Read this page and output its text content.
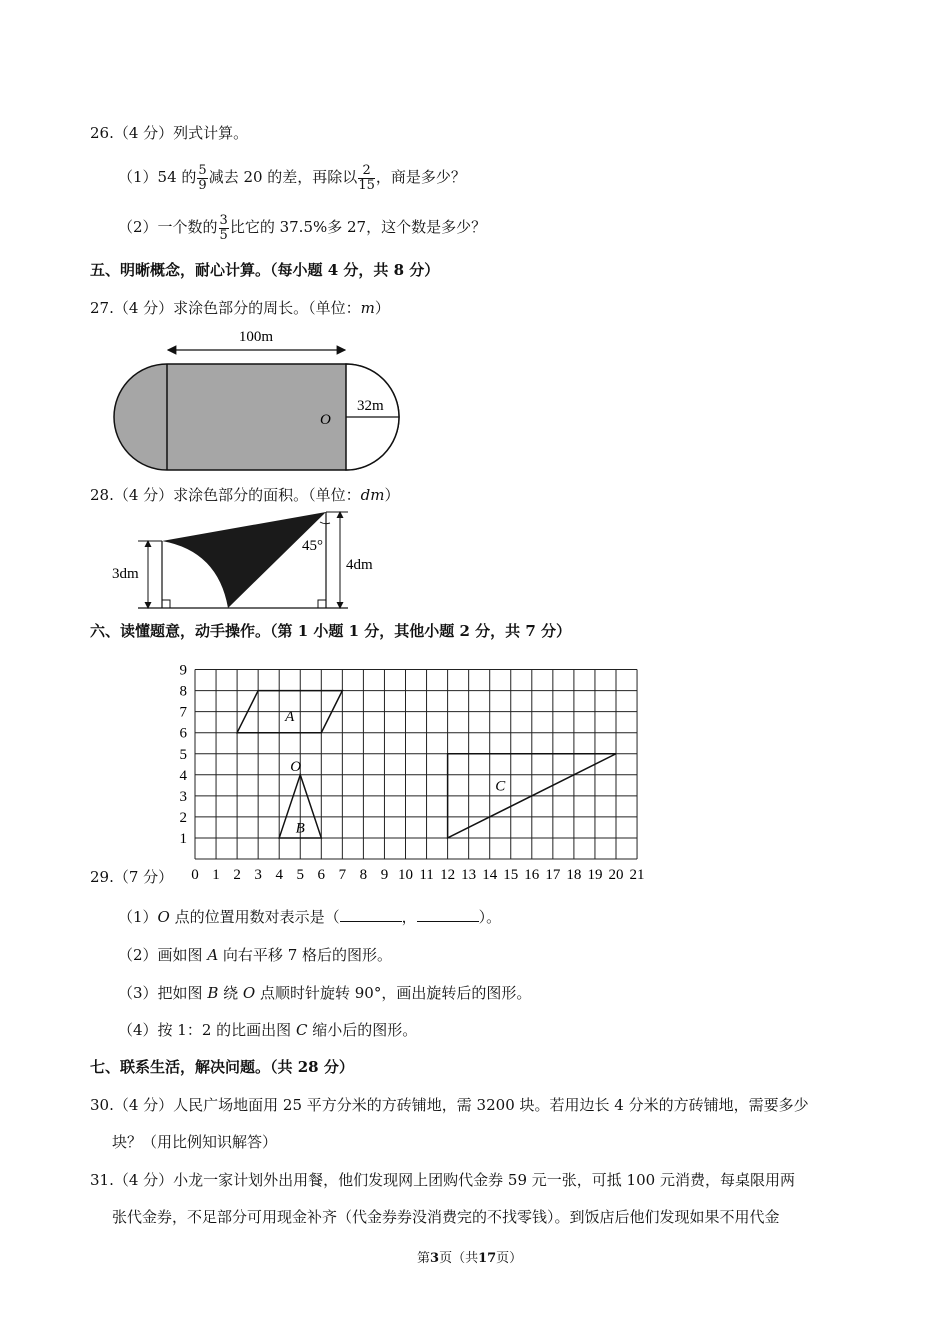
26.（4 分）列式计算。
（1）54 的 $\frac{5}{9}$ 减去 20 的差，再除以 $\frac{2}{15}$ ，商是多少？
（2）一个数的 $\frac{3}{5}$ 比它的 37.5%多 27，这个数是多少？
五、明晰概念，耐心计算。（每小题 4 分，共 8 分）
27.（4 分）求涂色部分的周长。（单位：m）
100m
32m
O
28.（4 分）求涂色部分的面积。（单位：dm）
3dm
4dm
45°
六、读懂题意，动手操作。（第 1 小题 1 分，其他小题 2 分，共 7 分）
0 1 2 3 4 5 6 7 8 9 10 11 12 13 14 15 16 17 18 19 20 21
1
2
3
4
5
6
7
8
9
A
B
C
O
29.（7 分）
（1）O 点的位置用数对表示是（	，	）。
（2）画如图 A 向右平移 7 格后的图形。
（3）把如图 B 绕 O 点顺时针旋转 90°，画出旋转后的图形。
（4）按 1：2 的比画出图 C 缩小后的图形。
七、联系生活，解决问题。（共 28 分）
30.（4 分）人民广场地面用 25 平方分米的方砖铺地，需 3200 块。若用边长 4 分米的方砖铺地，需要多少
块？（用比例知识解答）
31.（4 分）小龙一家计划外出用餐，他们发现网上团购代金券 59 元一张，可抵 100 元消费，每桌限用两
张代金券，不足部分可用现金补齐（代金券券没消费完的不找零钱）。到饭店后他们发现如果不用代金
第3页（共17页）
